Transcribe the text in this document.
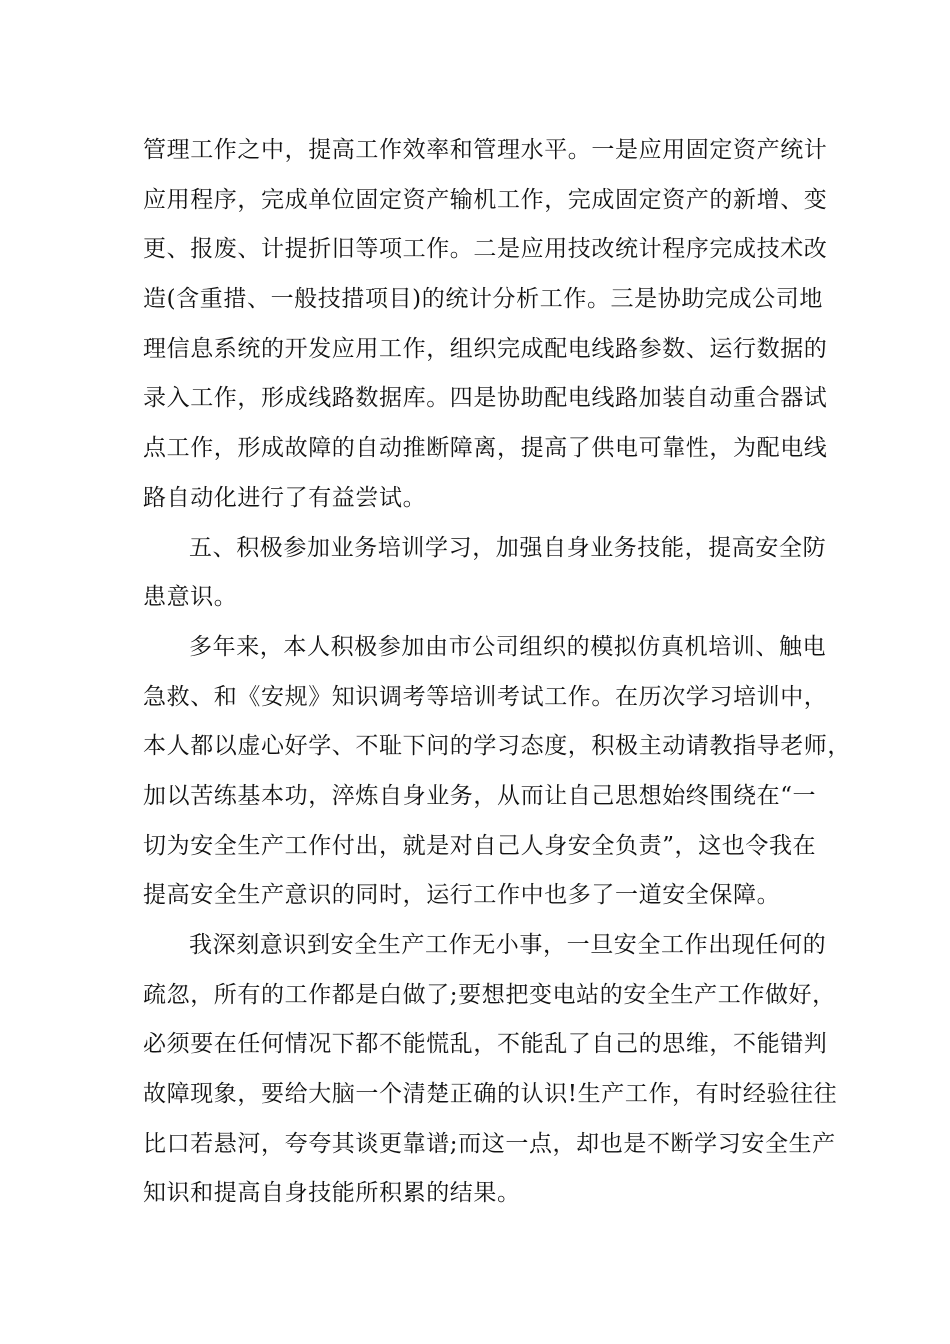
管理工作之中，提高工作效率和管理水平。一是应用固定资产统计
应用程序，完成单位固定资产输机工作，完成固定资产的新增、变
更、报废、计提折旧等项工作。二是应用技改统计程序完成技术改
造(含重措、一般技措项目)的统计分析工作。三是协助完成公司地
理信息系统的开发应用工作，组织完成配电线路参数、运行数据的
录入工作，形成线路数据库。四是协助配电线路加装自动重合器试
点工作，形成故障的自动推断障离，提高了供电可靠性，为配电线
路自动化进行了有益尝试。
五、积极参加业务培训学习，加强自身业务技能，提高安全防
患意识。
多年来，本人积极参加由市公司组织的模拟仿真机培训、触电
急救、和《安规》知识调考等培训考试工作。在历次学习培训中，
本人都以虚心好学、不耻下问的学习态度，积极主动请教指导老师，
加以苦练基本功，淬炼自身业务，从而让自己思想始终围绕在“一
切为安全生产工作付出，就是对自己人身安全负责”，这也令我在
提高安全生产意识的同时，运行工作中也多了一道安全保障。
我深刻意识到安全生产工作无小事，一旦安全工作出现任何的
疏忽，所有的工作都是白做了;要想把变电站的安全生产工作做好，
必须要在任何情况下都不能慌乱，不能乱了自己的思维，不能错判
故障现象，要给大脑一个清楚正确的认识!生产工作，有时经验往往
比口若悬河，夸夸其谈更靠谱;而这一点，却也是不断学习安全生产
知识和提高自身技能所积累的结果。
